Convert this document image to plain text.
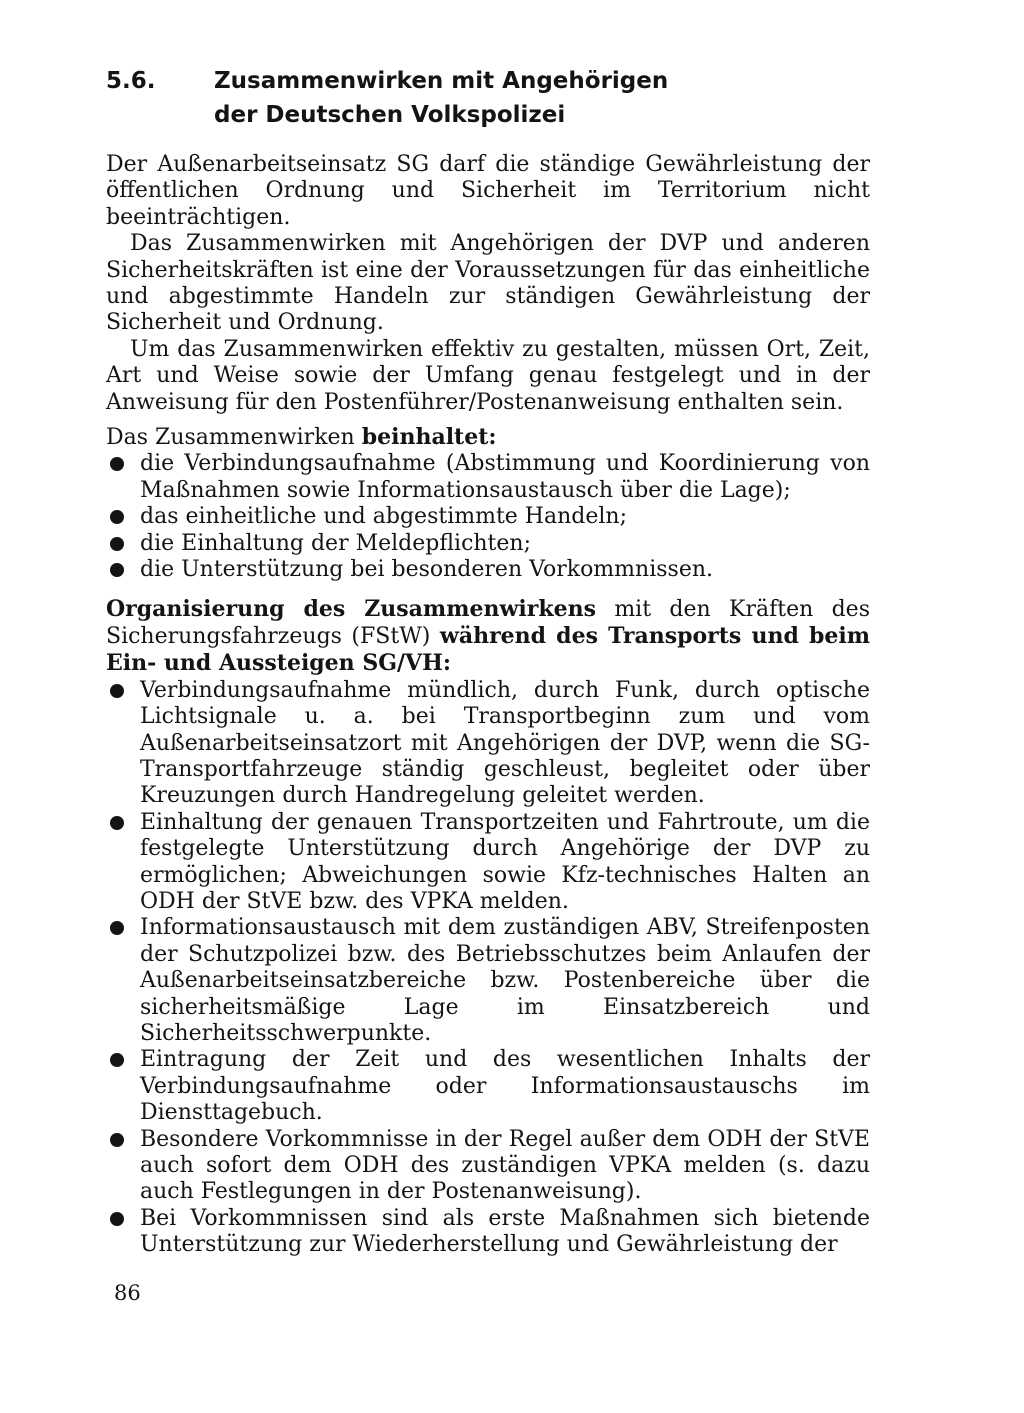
5.6.	Zusammenwirken mit Angehörigen
der Deutschen Volkspolizei

Der Außenarbeitseinsatz SG darf die ständige Gewährleistung der öffentlichen Ordnung und Sicherheit im Territorium nicht beeinträchtigen.

Das Zusammenwirken mit Angehörigen der DVP und anderen Sicherheitskräften ist eine der Voraussetzungen für das einheitliche und abgestimmte Handeln zur ständigen Gewährleistung der Sicherheit und Ordnung.

Um das Zusammenwirken effektiv zu gestalten, müssen Ort, Zeit, Art und Weise sowie der Umfang genau festgelegt und in der Anweisung für den Postenführer/Postenanweisung enthalten sein.

Das Zusammenwirken beinhaltet:

die Verbindungsaufnahme (Abstimmung und Koordinierung von Maßnahmen sowie Informationsaustausch über die Lage);
das einheitliche und abgestimmte Handeln;
die Einhaltung der Meldepflichten;
die Unterstützung bei besonderen Vorkommnissen.

Organisierung des Zusammenwirkens mit den Kräften des Sicherungsfahrzeugs (FStW) während des Transports und beim Ein- und Aussteigen SG/VH:

Verbindungsaufnahme mündlich, durch Funk, durch optische Lichtsignale u. a. bei Transportbeginn zum und vom Außenarbeitseinsatzort mit Angehörigen der DVP, wenn die SG-Transportfahrzeuge ständig geschleust, begleitet oder über Kreuzungen durch Handregelung geleitet werden.
Einhaltung der genauen Transportzeiten und Fahrtroute, um die festgelegte Unterstützung durch Angehörige der DVP zu ermöglichen; Abweichungen sowie Kfz-technisches Halten an ODH der StVE bzw. des VPKA melden.
Informationsaustausch mit dem zuständigen ABV, Streifenposten der Schutzpolizei bzw. des Betriebsschutzes beim Anlaufen der Außenarbeitseinsatzbereiche bzw. Postenbereiche über die sicherheitsmäßige Lage im Einsatzbereich und Sicherheitsschwerpunkte.
Eintragung der Zeit und des wesentlichen Inhalts der Verbindungsaufnahme oder Informationsaustauschs im Diensttagebuch.
Besondere Vorkommnisse in der Regel außer dem ODH der StVE auch sofort dem ODH des zuständigen VPKA melden (s. dazu auch Festlegungen in der Postenanweisung).
Bei Vorkommnissen sind als erste Maßnahmen sich bietende Unterstützung zur Wiederherstellung und Gewährleistung der
86
